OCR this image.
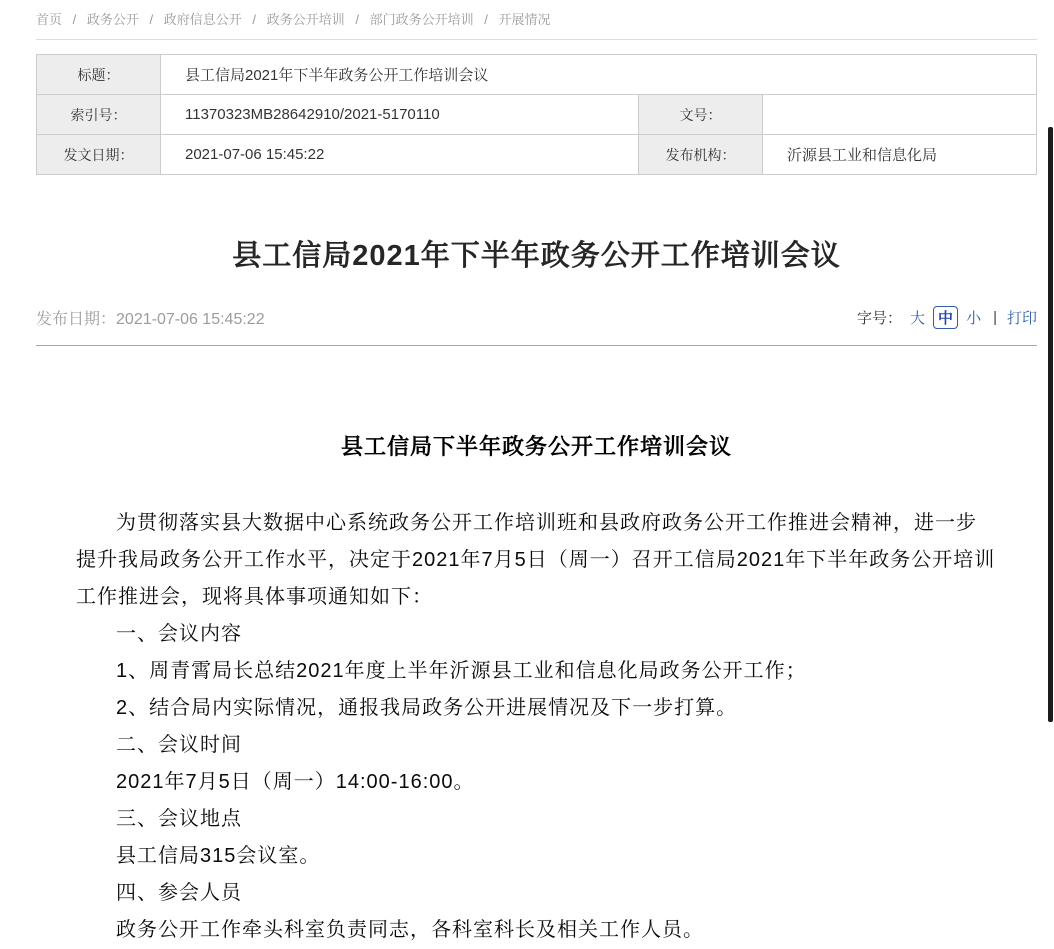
首页 / 政务公开 / 政府信息公开 / 政务公开培训 / 部门政务公开培训 / 开展情况
标题：	县工信局2021年下半年政务公开工作培训会议		
索引号：	11370323MB28642910/2021-5170110	文号：	
发文日期：	2021-07-06 15:45:22	发布机构：	沂源县工业和信息化局
县工信局2021年下半年政务公开工作培训会议
发布日期：2021-07-06 15:45:22	字号： 大 中 小 | 打印
县工信局下半年政务公开工作培训会议

为贯彻落实县大数据中心系统政务公开工作培训班和县政府政务公开工作推进会精神，进一步提升我局政务公开工作水平，决定于2021年7月5日（周一）召开工信局2021年下半年政务公开培训工作推进会，现将具体事项通知如下：

一、会议内容

1、周青霄局长总结2021年度上半年沂源县工业和信息化局政务公开工作；

2、结合局内实际情况，通报我局政务公开进展情况及下一步打算。

二、会议时间

2021年7月5日（周一）14:00-16:00。

三、会议地点

县工信局315会议室。

四、参会人员

政务公开工作牵头科室负责同志，各科室科长及相关工作人员。
